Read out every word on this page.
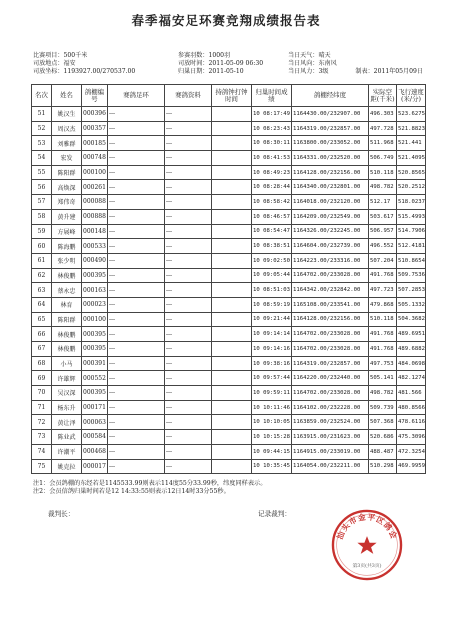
春季福安足环赛竞翔成绩报告表
比赛项目：500千米
司放地点：福安
司放坐标：1193927.00/270537.00
参赛羽数：1000羽
司放时间：2011-05-09 06:30
归巢日期：2011-05-10
当日天气：晴天
当日风向：东南风
当日风力：3级	制表：2011年05月09日
名次	姓名	鸽棚编号	赛鸽足环	赛鸽资料	持鸽钟打钟时间	归巢时间成绩	鸽棚经纬度	实际空距(千米)	飞行速度(米/分)
51	姚汉生	000396	---	---		10 08:17:49	1164430.00/232907.00	496.303	523.6275
52	周汉杰	000357	---	---		10 08:23:43	1164319.00/232857.00	497.728	521.8823
53	刘雅群	000185	---	---		10 08:30:11	1163800.00/233052.00	511.968	521.441
54	宏发	000748	---	---		10 08:41:53	1164331.00/232520.00	506.749	521.4095
55	陈阳群	000100	---	---		10 08:49:23	1164128.00/232156.00	510.118	520.8565
56	高焕深	000261	---	---		10 08:28:44	1164340.00/232801.00	498.782	520.2512
57	郑伟奇	000088	---	---		10 08:58:42	1164018.00/232120.00	512.17	518.0237
58	黄升建	000888	---	---		10 08:46:57	1164209.00/232549.00	503.617	515.4993
59	方展峰	000148	---	---		10 08:54:47	1164326.00/232245.00	506.957	514.7906
60	陈海鹏	000533	---	---		10 08:38:51	1164604.00/232739.00	496.552	512.4181
61	张少明	000490	---	---		10 09:02:50	1164223.00/233316.00	507.204	510.8654
62	林俊鹏	000395	---	---		10 09:05:44	1164702.00/233028.00	491.768	509.7536
63	蔡永忠	000163	---	---		10 08:51:03	1164342.00/232842.00	497.723	507.2853
64	林育	000023	---	---		10 08:59:19	1165108.00/233541.00	479.868	505.1332
65	陈阳群	000100	---	---		10 09:21:44	1164128.00/232156.00	510.118	504.3682
66	林俊鹏	000395	---	---		10 09:14:14	1164702.00/233028.00	491.768	489.6951
67	林俊鹏	000395	---	---		10 09:14:16	1164702.00/233028.00	491.768	489.6882
68	小马	000391	---	---		10 09:38:16	1164319.00/232857.00	497.753	484.0698
69	许雄辉	000552	---	---		10 09:57:44	1164220.00/232440.00	505.141	482.1274
70	吴汉深	000395	---	---		10 09:59:11	1164702.00/233028.00	498.782	481.566
71	杨东升	000171	---	---		10 10:11:46	1164102.00/232228.00	509.739	480.8566
72	黄让泽	000063	---	---		10 10:10:05	1163859.00/232524.00	507.368	478.6116
73	陈业武	000584	---	---		10 10:15:28	1163915.00/231623.00	520.686	475.3096
74	许潮平	000468	---	---		10 09:44:15	1164915.00/233019.00	488.487	472.3254
75	姚克拉	000017	---	---		10 10:35:45	1164054.00/232211.00	510.298	469.9959
注1：会员鸽棚的东经若是1145533.99则表示114度55分33.99秒，纬度同样表示。
注2：会员信鸽归巢时间若是12 14:33:55则表示12日14时33分55秒。
裁判长：	记录裁判：
汕头市金平区鸽会
第3页(共3页)
